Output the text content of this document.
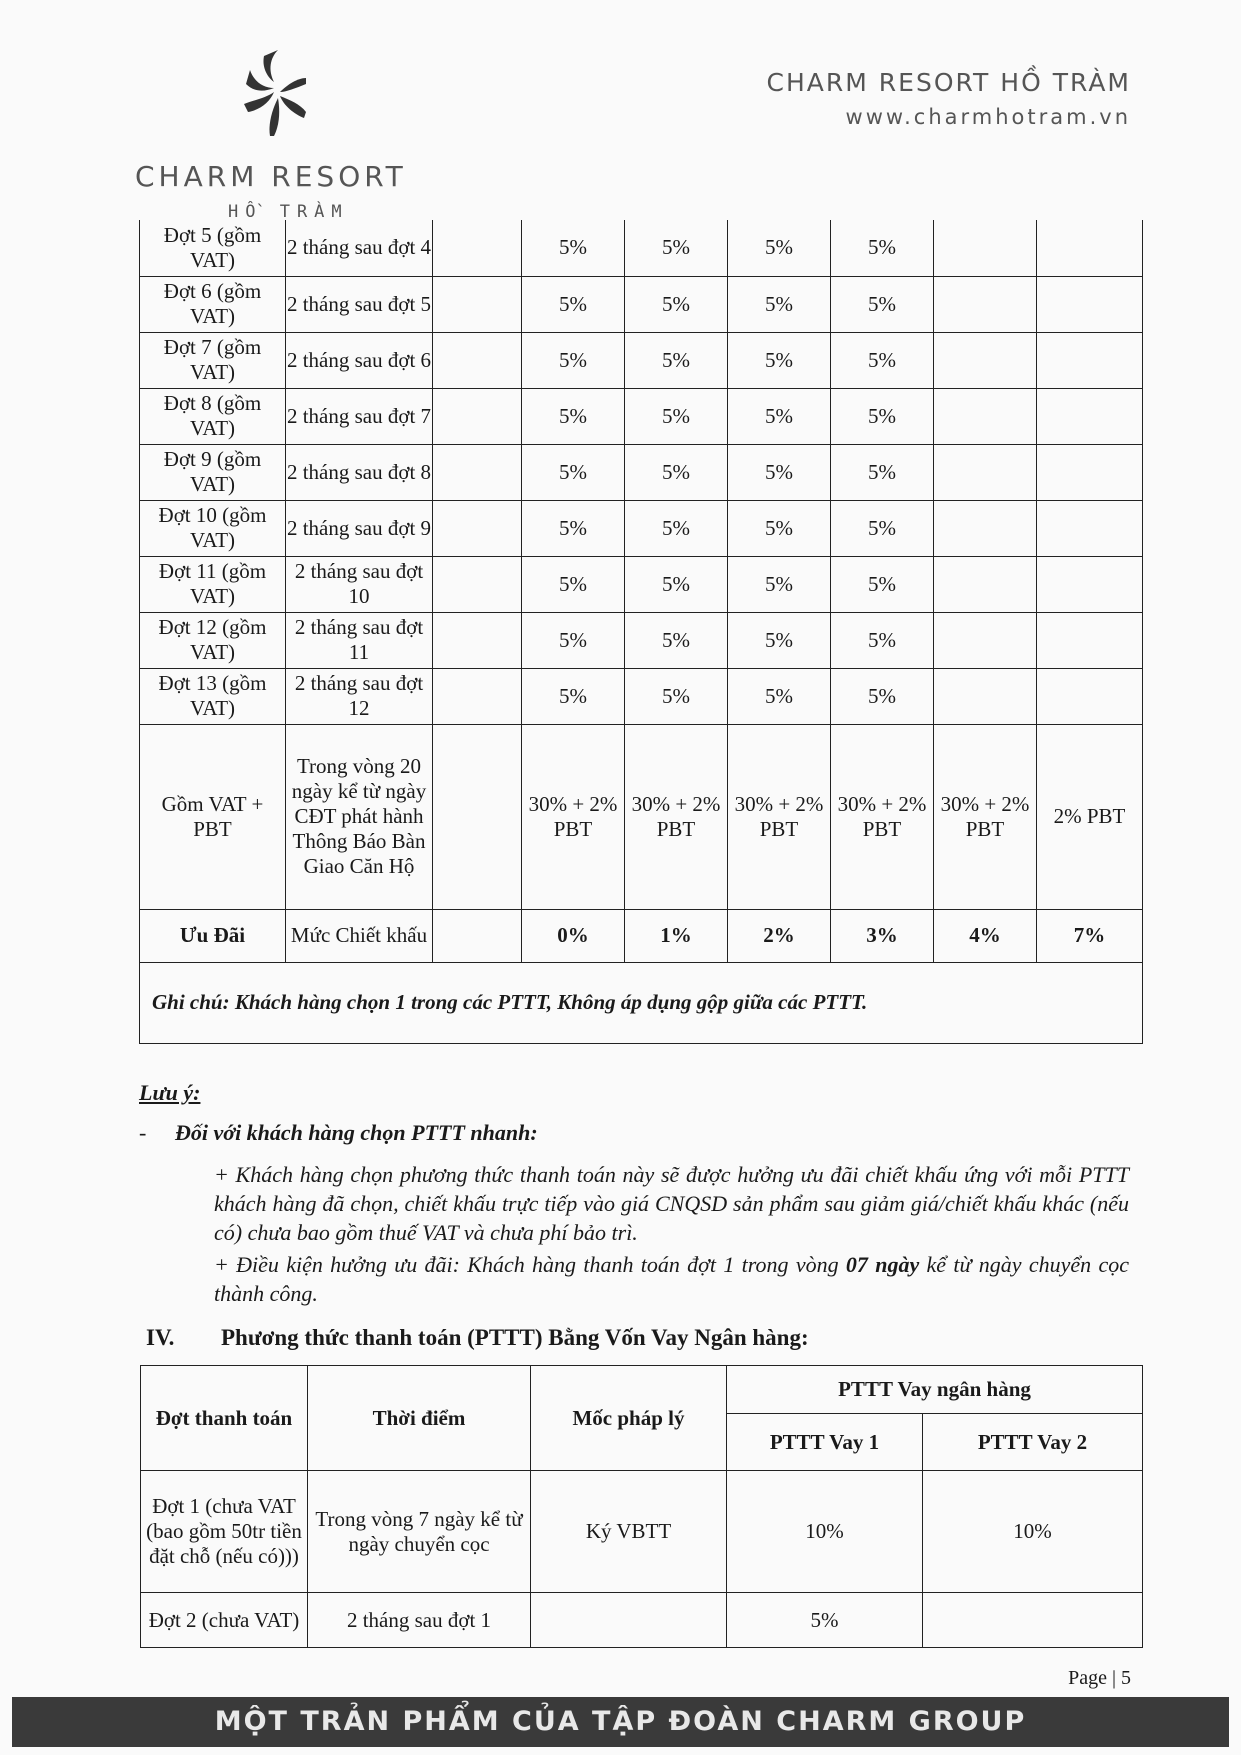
CHARM RESORT
HỒ TRÀM
CHARM RESORT HỒ TRÀM
www.charmhotram.vn
Đợt 5 (gồm VAT)	2 tháng sau đợt 4		5%	5%	5%	5%		
Đợt 6 (gồm VAT)	2 tháng sau đợt 5		5%	5%	5%	5%		
Đợt 7 (gồm VAT)	2 tháng sau đợt 6		5%	5%	5%	5%		
Đợt 8 (gồm VAT)	2 tháng sau đợt 7		5%	5%	5%	5%		
Đợt 9 (gồm VAT)	2 tháng sau đợt 8		5%	5%	5%	5%		
Đợt 10 (gồm VAT)	2 tháng sau đợt 9		5%	5%	5%	5%		
Đợt 11 (gồm VAT)	2 tháng sau đợt 10		5%	5%	5%	5%		
Đợt 12 (gồm VAT)	2 tháng sau đợt 11		5%	5%	5%	5%		
Đợt 13 (gồm VAT)	2 tháng sau đợt 12		5%	5%	5%	5%		
Gồm VAT + PBT	Trong vòng 20 ngày kể từ ngày CĐT phát hành Thông Báo Bàn Giao Căn Hộ		30% + 2% PBT	30% + 2% PBT	30% + 2% PBT	30% + 2% PBT	30% + 2% PBT	2% PBT
Ưu Đãi	Mức Chiết khấu		0%	1%	2%	3%	4%	7%
Ghi chú: Khách hàng chọn 1 trong các PTTT, Không áp dụng gộp giữa các PTTT.								
Lưu ý:
- Đối với khách hàng chọn PTTT nhanh:
+ Khách hàng chọn phương thức thanh toán này sẽ được hưởng ưu đãi chiết khấu ứng với mỗi PTTT khách hàng đã chọn, chiết khấu trực tiếp vào giá CNQSD sản phẩm sau giảm giá/chiết khấu khác (nếu có) chưa bao gồm thuế VAT và chưa phí bảo trì.
+ Điều kiện hưởng ưu đãi: Khách hàng thanh toán đợt 1 trong vòng 07 ngày kể từ ngày chuyển cọc thành công.
IV. Phương thức thanh toán (PTTT) Bằng Vốn Vay Ngân hàng:
Đợt thanh toán	Thời điểm	Mốc pháp lý	PTTT Vay ngân hàng	
			PTTT Vay 1	PTTT Vay 2
Đợt 1 (chưa VAT (bao gồm 50tr tiền đặt chỗ (nếu có)))	Trong vòng 7 ngày kể từ ngày chuyển cọc	Ký VBTT	10%	10%
Đợt 2 (chưa VAT)	2 tháng sau đợt 1		5%	
Page | 5
MỘT TRẢN PHẨM CỦA TẬP ĐOÀN CHARM GROUP
